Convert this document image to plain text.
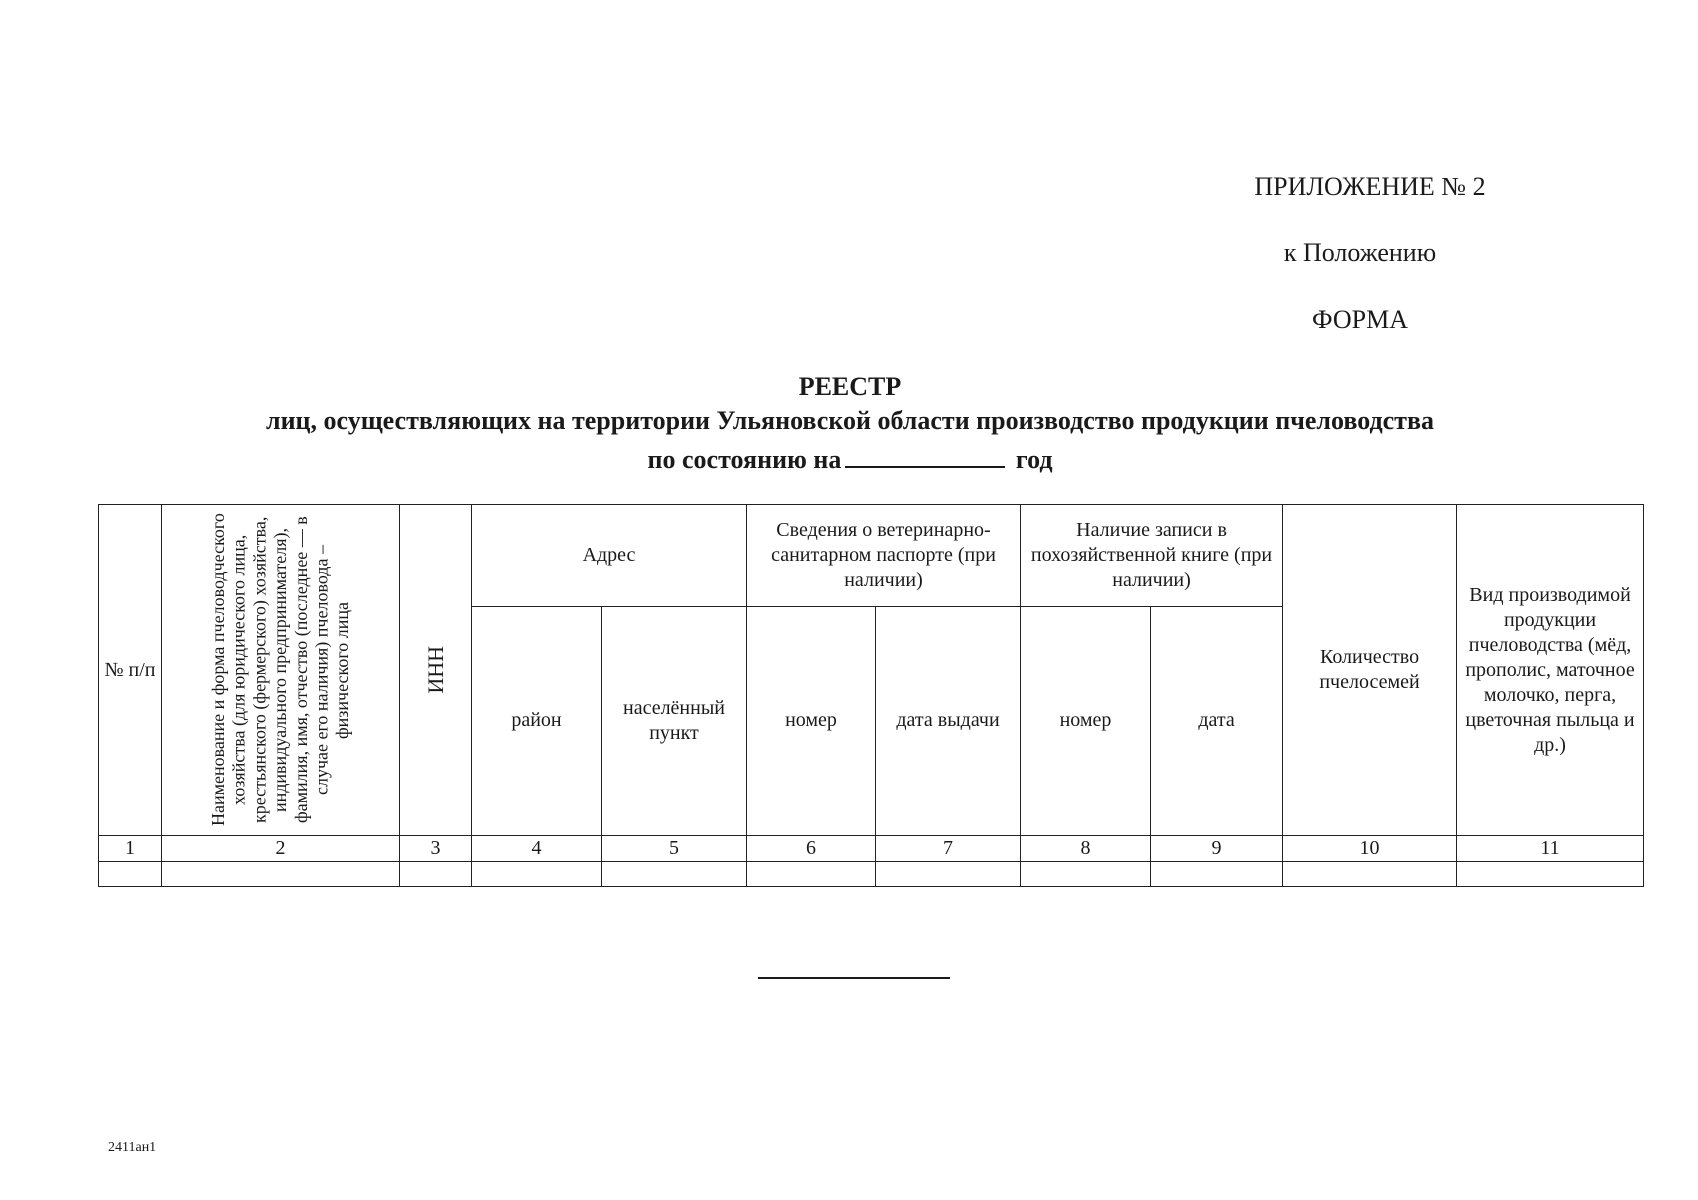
ПРИЛОЖЕНИЕ № 2
к Положению
ФОРМА
РЕЕСТР
лиц, осуществляющих на территории Ульяновской области производство продукции пчеловодства
по состоянию на	год
№ п/п	Наименование и форма пчеловодческого хозяйства (для юридического лица, крестьянского (фермерского) хозяйства, индивидуального предпринимателя), фамилия, имя, отчество (последнее — в случае его наличия) пчеловода – физического лица	ИНН	Адрес		Сведения о ветеринарно-санитарном паспорте (при наличии)		Наличие записи в похозяйственной книге (при наличии)		Количество пчелосемей	Вид производимой продукции пчеловодства (мёд, прополис, маточное молочко, перга, цветочная пыльца и др.)
			район	населённый пункт	номер	дата выдачи	номер	дата		
1	2	3	4	5	6	7	8	9	10	11

2411ан1
